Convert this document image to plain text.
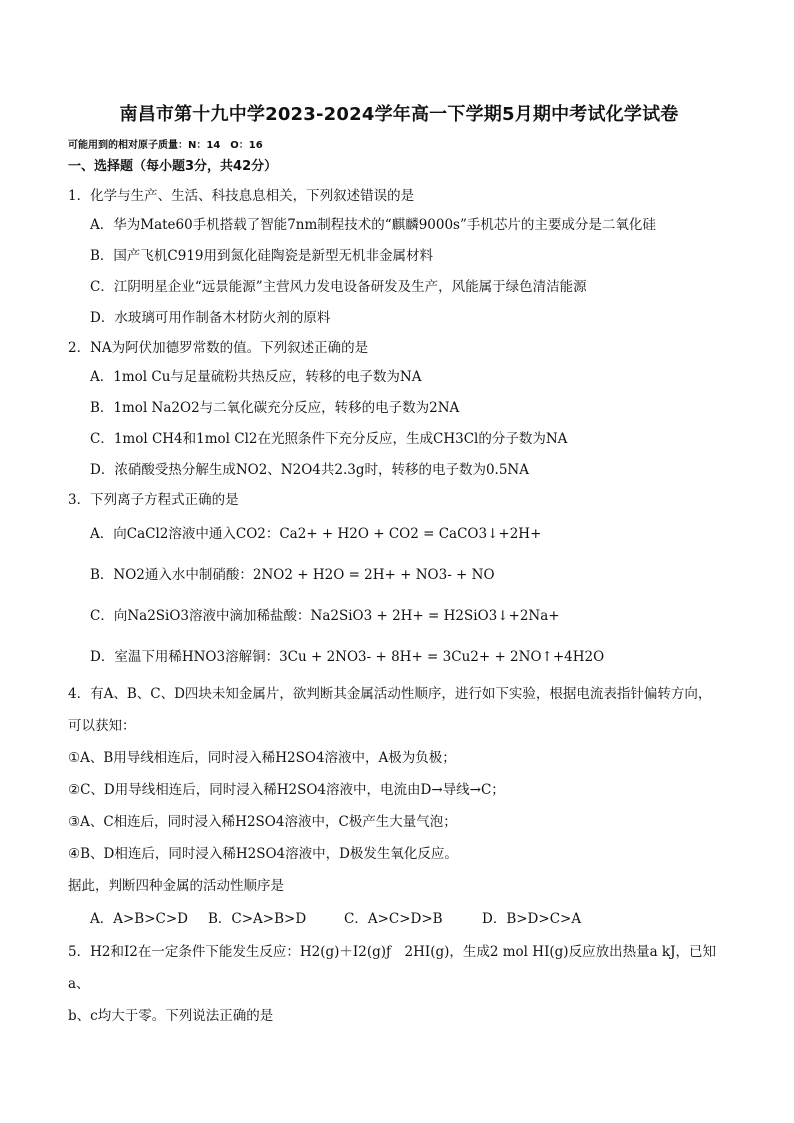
南昌市第十九中学2023-2024学年高一下学期5月期中考试化学试卷

可能用到的相对原子质量：N：14　O：16

一、选择题（每小题3分，共42分）

1．化学与生产、生活、科技息息相关，下列叙述错误的是

A．华为Mate60手机搭载了智能7nm制程技术的“麒麟9000s”手机芯片的主要成分是二氧化硅

B．国产飞机C919用到氮化硅陶瓷是新型无机非金属材料

C．江阴明星企业“远景能源”主营风力发电设备研发及生产，风能属于绿色清洁能源

D．水玻璃可用作制备木材防火剂的原料

2．NA为阿伏加德罗常数的值。下列叙述正确的是

A．1mol Cu与足量硫粉共热反应，转移的电子数为NA

B．1mol Na2O2与二氧化碳充分反应，转移的电子数为2NA

C．1mol CH4和1mol Cl2在光照条件下充分反应，生成CH3Cl的分子数为NA

D．浓硝酸受热分解生成NO2、N2O4共2.3g时，转移的电子数为0.5NA

3．下列离子方程式正确的是

A．向CaCl2溶液中通入CO2：Ca2+ + H2O + CO2 = CaCO3↓+2H+

B．NO2通入水中制硝酸：2NO2 + H2O = 2H+ + NO3- + NO

C．向Na2SiO3溶液中滴加稀盐酸：Na2SiO3 + 2H+ = H2SiO3↓+2Na+

D．室温下用稀HNO3溶解铜：3Cu + 2NO3- + 8H+ = 3Cu2+ + 2NO↑+4H2O

4．有A、B、C、D四块未知金属片，欲判断其金属活动性顺序，进行如下实验，根据电流表指针偏转方向，

可以获知：

①A、B用导线相连后，同时浸入稀H2SO4溶液中，A极为负极；

②C、D用导线相连后，同时浸入稀H2SO4溶液中，电流由D→导线→C；

③A、C相连后，同时浸入稀H2SO4溶液中，C极产生大量气泡；

④B、D相连后，同时浸入稀H2SO4溶液中，D极发生氧化反应。

据此，判断四种金属的活动性顺序是

A．A>B>C>D	B．C>A>B>D	C．A>C>D>B	D．B>D>C>A

5．H2和I2在一定条件下能发生反应：H2(g)＋I2(g)ƒ　2HI(g)，生成2 mol HI(g)反应放出热量a kJ，已知a、

b、c均大于零。下列说法正确的是
